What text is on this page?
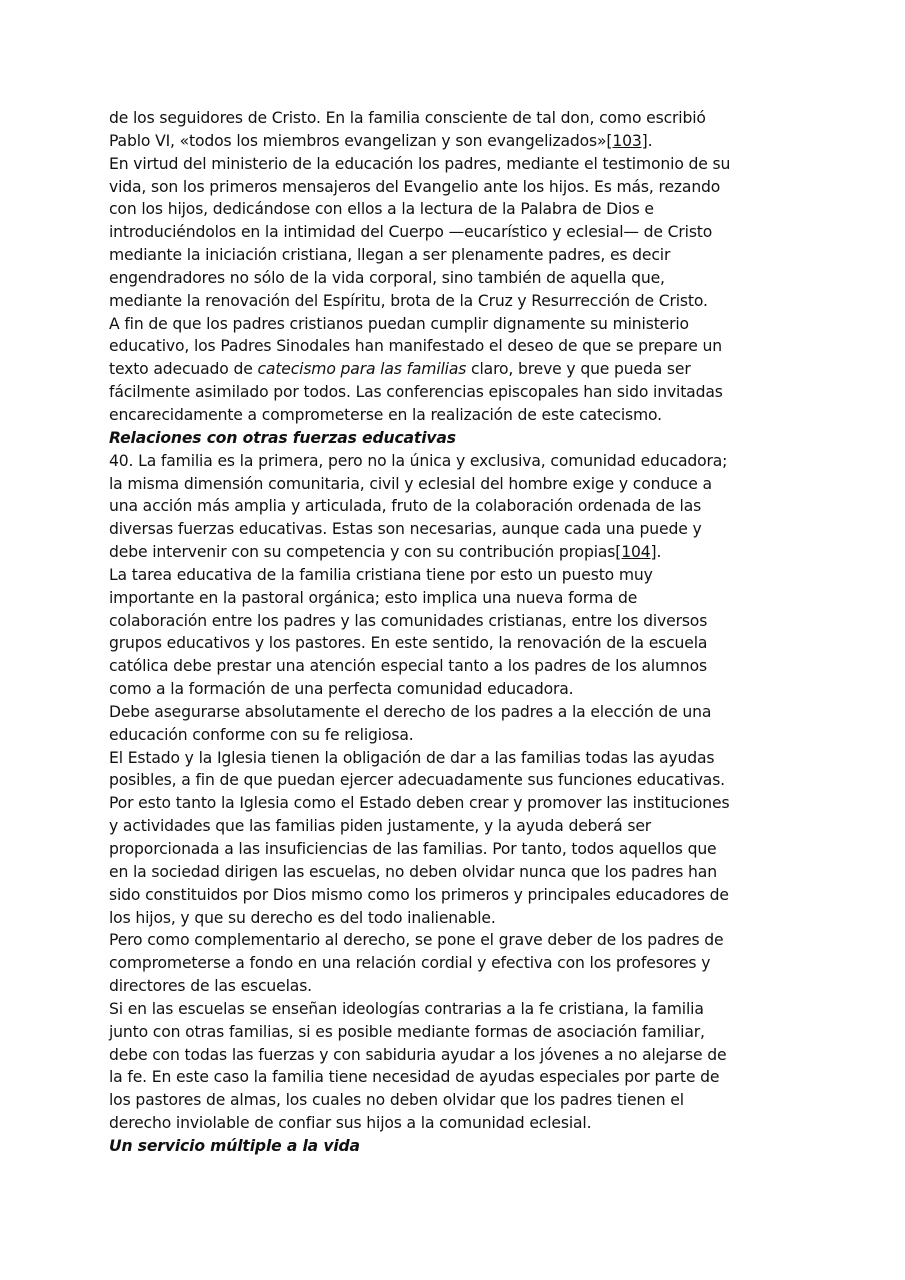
de los seguidores de Cristo. En la familia consciente de tal don, como escribió
Pablo VI, «todos los miembros evangelizan y son evangelizados»[103].
En virtud del ministerio de la educación los padres, mediante el testimonio de su
vida, son los primeros mensajeros del Evangelio ante los hijos. Es más, rezando
con los hijos, dedicándose con ellos a la lectura de la Palabra de Dios e
introduciéndolos en la intimidad del Cuerpo —eucarístico y eclesial— de Cristo
mediante la iniciación cristiana, llegan a ser plenamente padres, es decir
engendradores no sólo de la vida corporal, sino también de aquella que,
mediante la renovación del Espíritu, brota de la Cruz y Resurrección de Cristo.
A fin de que los padres cristianos puedan cumplir dignamente su ministerio
educativo, los Padres Sinodales han manifestado el deseo de que se prepare un
texto adecuado de catecismo para las familias claro, breve y que pueda ser
fácilmente asimilado por todos. Las conferencias episcopales han sido invitadas
encarecidamente a comprometerse en la realización de este catecismo.
Relaciones con otras fuerzas educativas
40. La familia es la primera, pero no la única y exclusiva, comunidad educadora;
la misma dimensión comunitaria, civil y eclesial del hombre exige y conduce a
una acción más amplia y articulada, fruto de la colaboración ordenada de las
diversas fuerzas educativas. Estas son necesarias, aunque cada una puede y
debe intervenir con su competencia y con su contribución propias[104].
La tarea educativa de la familia cristiana tiene por esto un puesto muy
importante en la pastoral orgánica; esto implica una nueva forma de
colaboración entre los padres y las comunidades cristianas, entre los diversos
grupos educativos y los pastores. En este sentido, la renovación de la escuela
católica debe prestar una atención especial tanto a los padres de los alumnos
como a la formación de una perfecta comunidad educadora.
Debe asegurarse absolutamente el derecho de los padres a la elección de una
educación conforme con su fe religiosa.
El Estado y la Iglesia tienen la obligación de dar a las familias todas las ayudas
posibles, a fin de que puedan ejercer adecuadamente sus funciones educativas.
Por esto tanto la Iglesia como el Estado deben crear y promover las instituciones
y actividades que las familias piden justamente, y la ayuda deberá ser
proporcionada a las insuficiencias de las familias. Por tanto, todos aquellos que
en la sociedad dirigen las escuelas, no deben olvidar nunca que los padres han
sido constituidos por Dios mismo como los primeros y principales educadores de
los hijos, y que su derecho es del todo inalienable.
Pero como complementario al derecho, se pone el grave deber de los padres de
comprometerse a fondo en una relación cordial y efectiva con los profesores y
directores de las escuelas.
Si en las escuelas se enseñan ideologías contrarias a la fe cristiana, la familia
junto con otras familias, si es posible mediante formas de asociación familiar,
debe con todas las fuerzas y con sabiduria ayudar a los jóvenes a no alejarse de
la fe. En este caso la familia tiene necesidad de ayudas especiales por parte de
los pastores de almas, los cuales no deben olvidar que los padres tienen el
derecho inviolable de confiar sus hijos a la comunidad eclesial.
Un servicio múltiple a la vida
